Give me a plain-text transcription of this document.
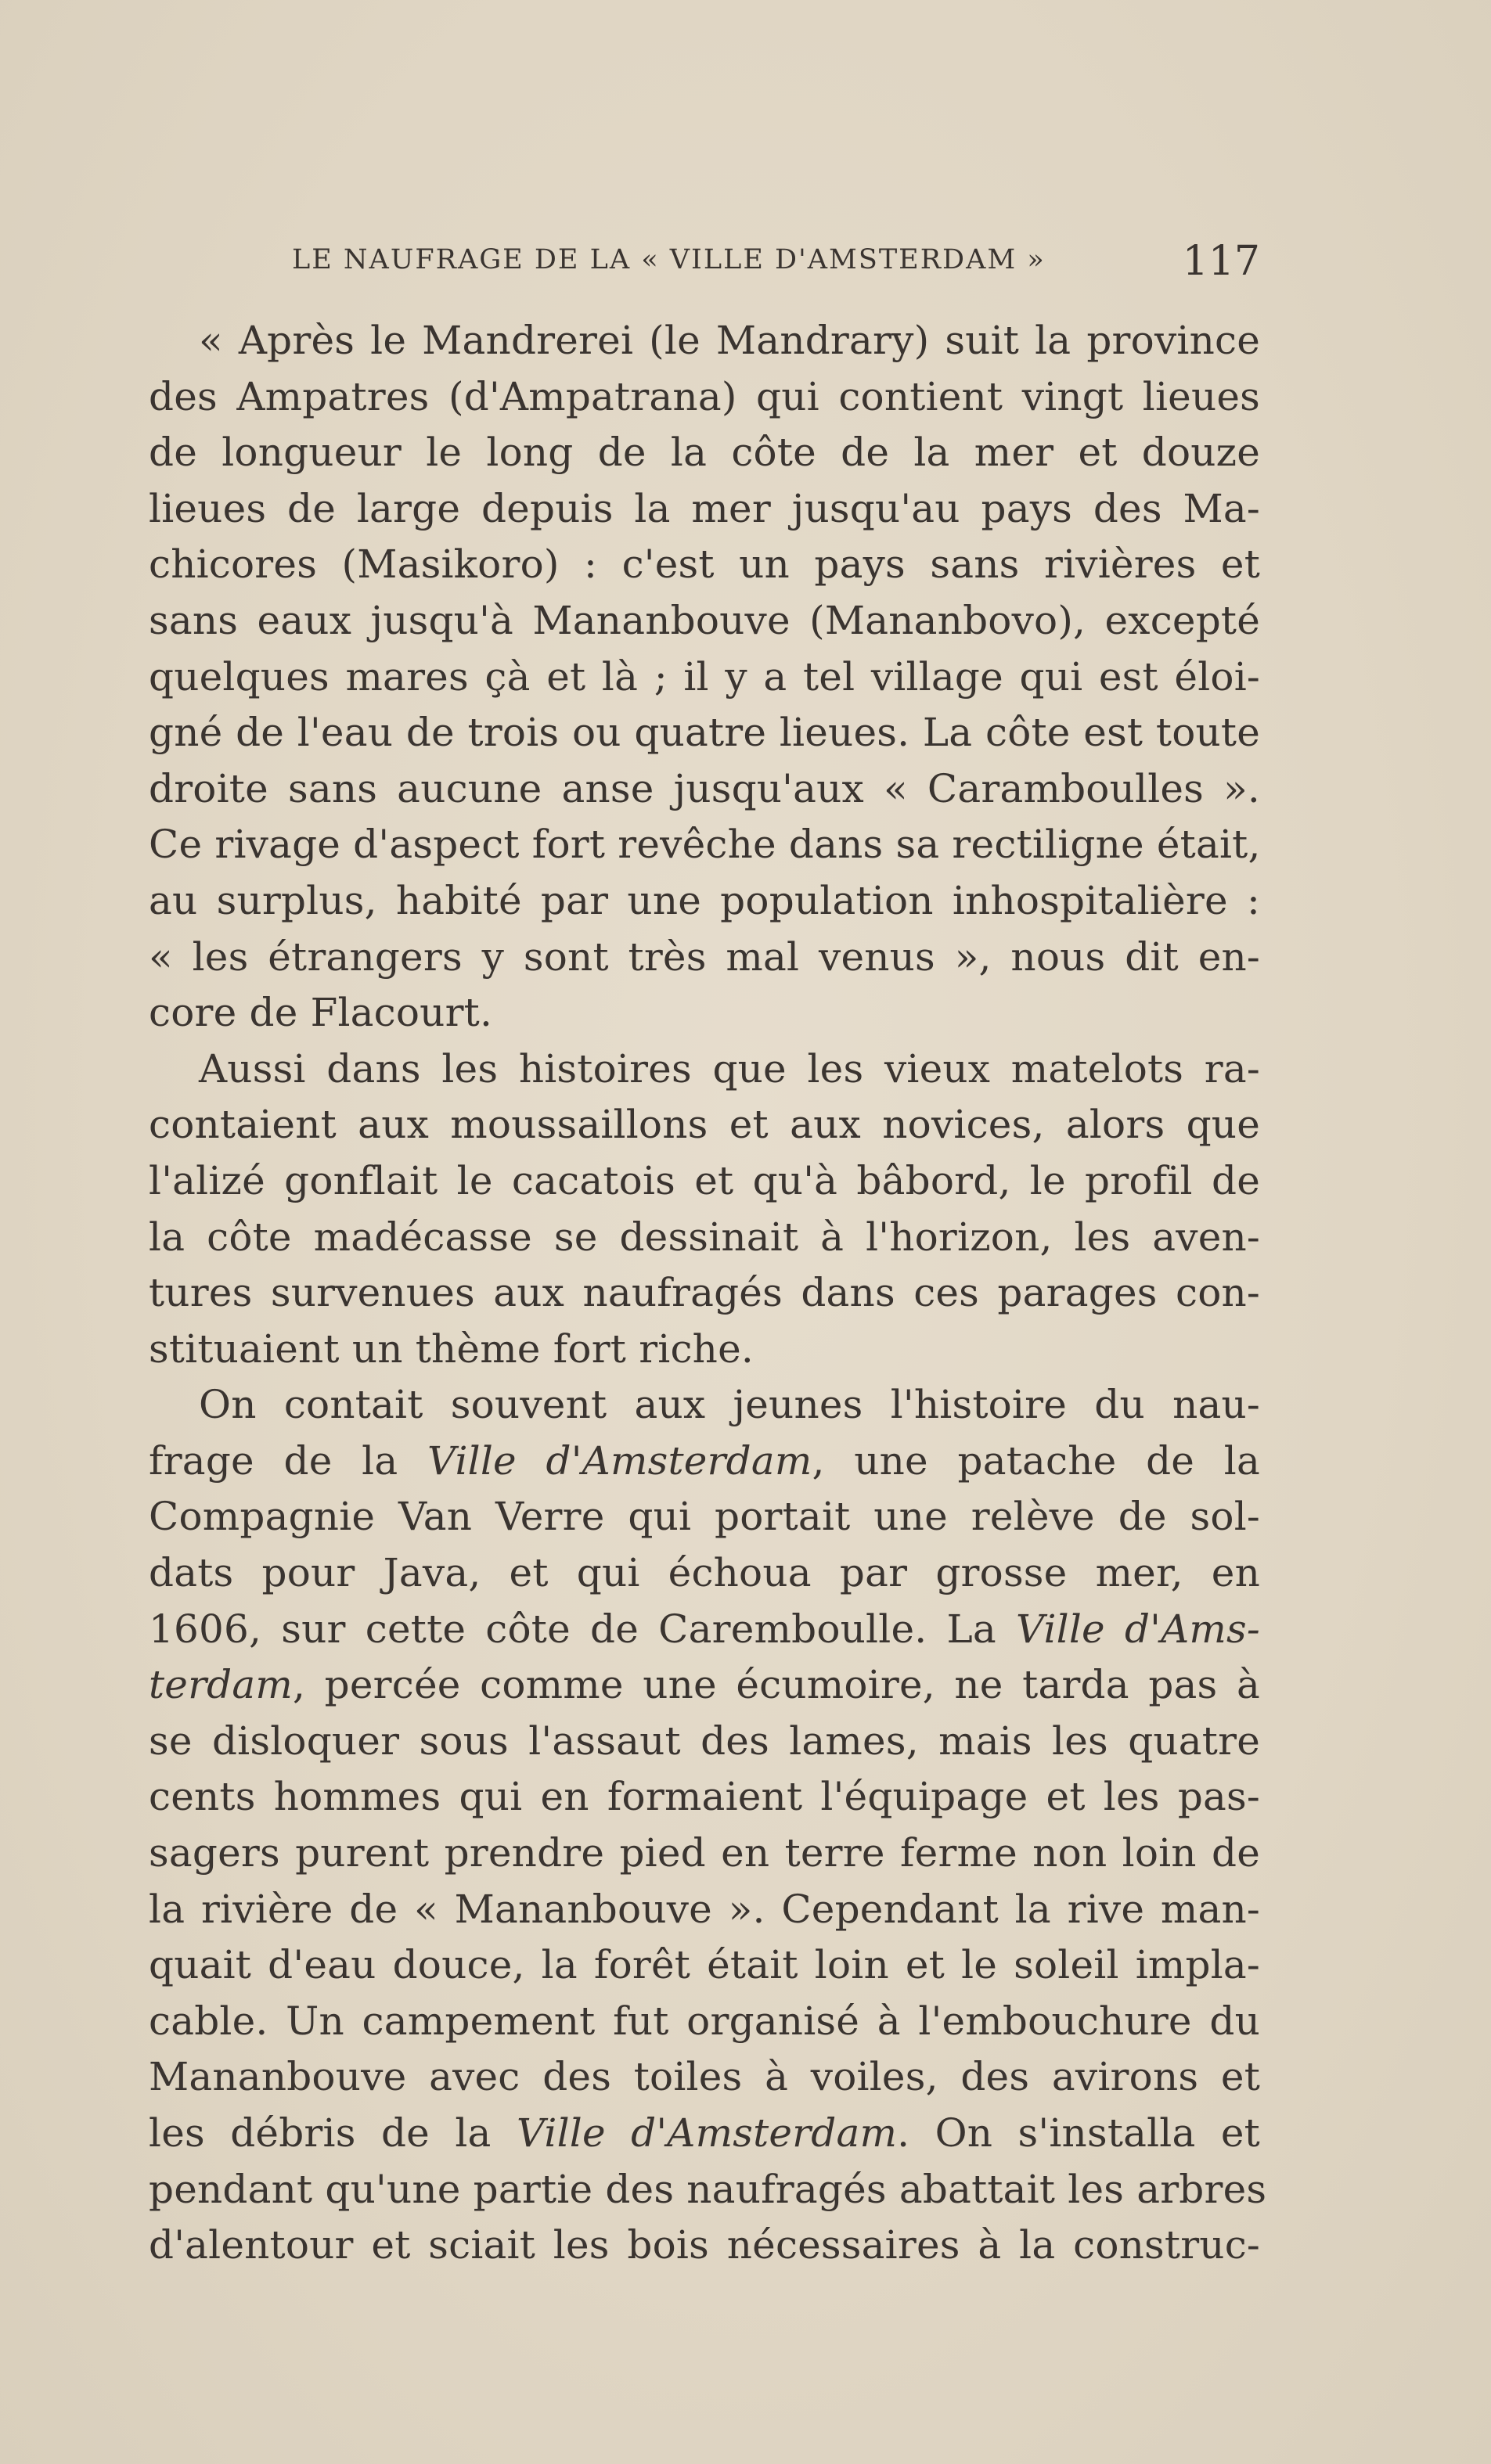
LE NAUFRAGE DE LA « VILLE D'AMSTERDAM »	117
« Après le Mandrerei (le Mandrary) suit la province
des Ampatres (d'Ampatrana) qui contient vingt lieues
de longueur le long de la côte de la mer et douze
lieues de large depuis la mer jusqu'au pays des Ma-
chicores (Masikoro) : c'est un pays sans rivières et
sans eaux jusqu'à Mananbouve (Mananbovo), excepté
quelques mares çà et là ; il y a tel village qui est éloi-
gné de l'eau de trois ou quatre lieues. La côte est toute
droite sans aucune anse jusqu'aux « Caramboulles ».
Ce rivage d'aspect fort revêche dans sa rectiligne était,
au surplus, habité par une population inhospitalière :
« les étrangers y sont très mal venus », nous dit en-
core de Flacourt.
Aussi dans les histoires que les vieux matelots ra-
contaient aux moussaillons et aux novices, alors que
l'alizé gonflait le cacatois et qu'à bâbord, le profil de
la côte madécasse se dessinait à l'horizon, les aven-
tures survenues aux naufragés dans ces parages con-
stituaient un thème fort riche.
On contait souvent aux jeunes l'histoire du nau-
frage de la Ville d'Amsterdam, une patache de la
Compagnie Van Verre qui portait une relève de sol-
dats pour Java, et qui échoua par grosse mer, en
1606, sur cette côte de Caremboulle. La Ville d'Ams-
terdam, percée comme une écumoire, ne tarda pas à
se disloquer sous l'assaut des lames, mais les quatre
cents hommes qui en formaient l'équipage et les pas-
sagers purent prendre pied en terre ferme non loin de
la rivière de « Mananbouve ». Cependant la rive man-
quait d'eau douce, la forêt était loin et le soleil impla-
cable. Un campement fut organisé à l'embouchure du
Mananbouve avec des toiles à voiles, des avirons et
les débris de la Ville d'Amsterdam. On s'installa et
pendant qu'une partie des naufragés abattait les arbres
d'alentour et sciait les bois nécessaires à la construc-
